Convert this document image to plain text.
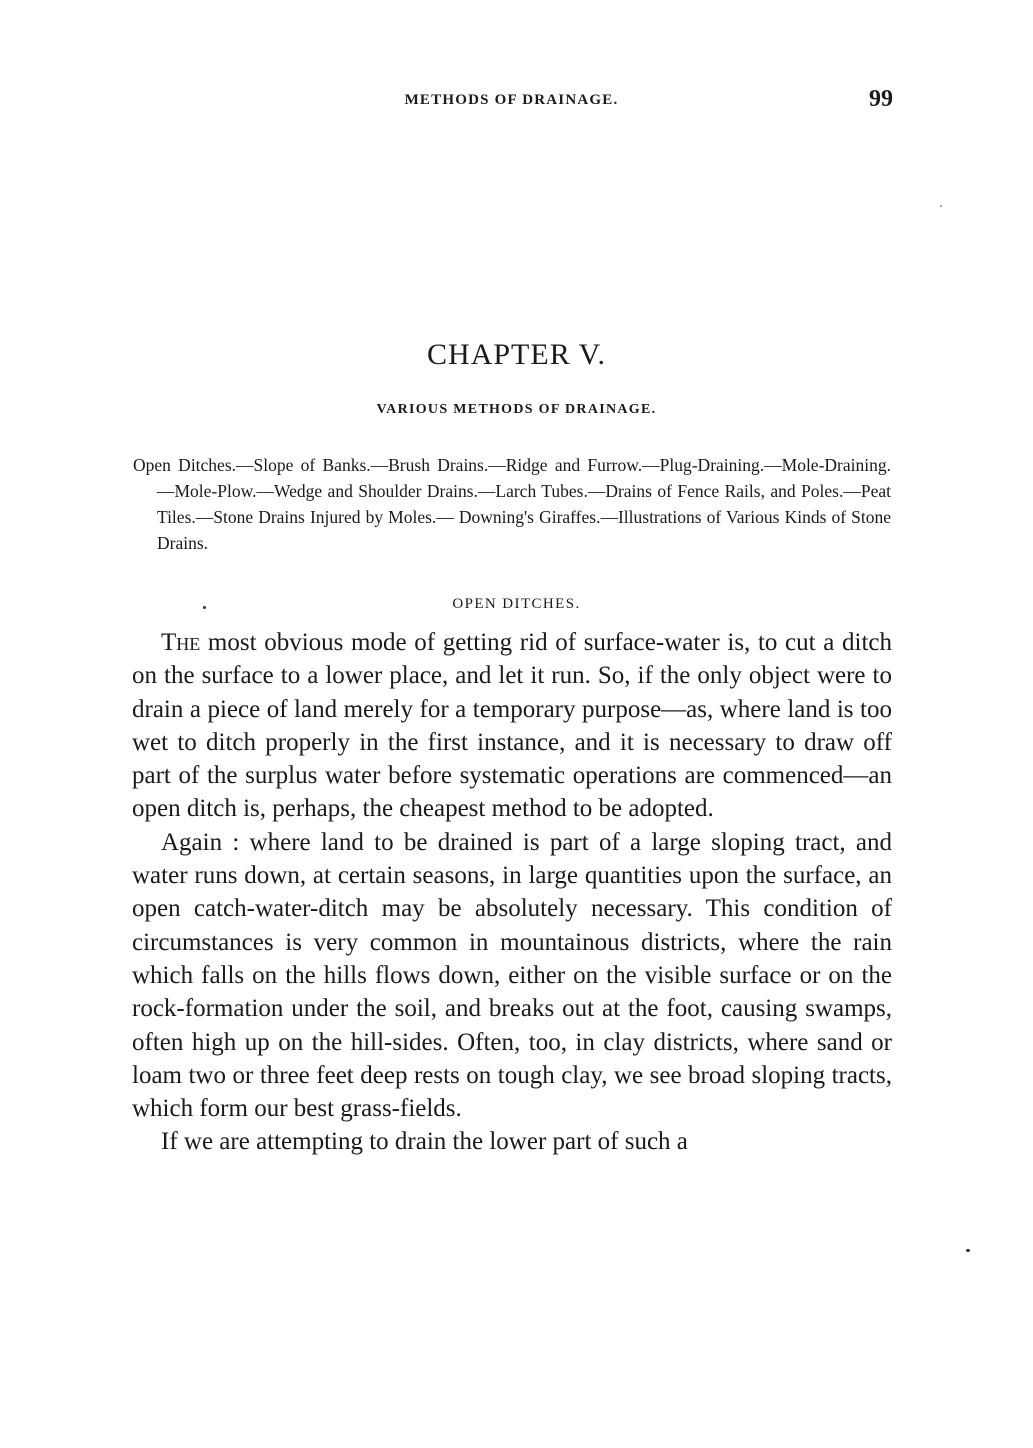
METHODS OF DRAINAGE.	99
CHAPTER V.
VARIOUS METHODS OF DRAINAGE.
Open Ditches.—Slope of Banks.—Brush Drains.—Ridge and Furrow.—Plug-Draining.—Mole-Draining.—Mole-Plow.—Wedge and Shoulder Drains.—Larch Tubes.—Drains of Fence Rails, and Poles.—Peat Tiles.—Stone Drains Injured by Moles.— Downing's Giraffes.—Illustrations of Various Kinds of Stone Drains.
OPEN DITCHES.

The most obvious mode of getting rid of surface-water is, to cut a ditch on the surface to a lower place, and let it run. So, if the only object were to drain a piece of land merely for a temporary purpose—as, where land is too wet to ditch properly in the first instance, and it is necessary to draw off part of the surplus water before systematic operations are commenced—an open ditch is, perhaps, the cheapest method to be adopted.

Again : where land to be drained is part of a large sloping tract, and water runs down, at certain seasons, in large quantities upon the surface, an open catch-water-ditch may be absolutely necessary. This condition of circumstances is very common in mountainous districts, where the rain which falls on the hills flows down, either on the visible surface or on the rock-formation under the soil, and breaks out at the foot, causing swamps, often high up on the hill-sides. Often, too, in clay districts, where sand or loam two or three feet deep rests on tough clay, we see broad sloping tracts, which form our best grass-fields.

If we are attempting to drain the lower part of such a
